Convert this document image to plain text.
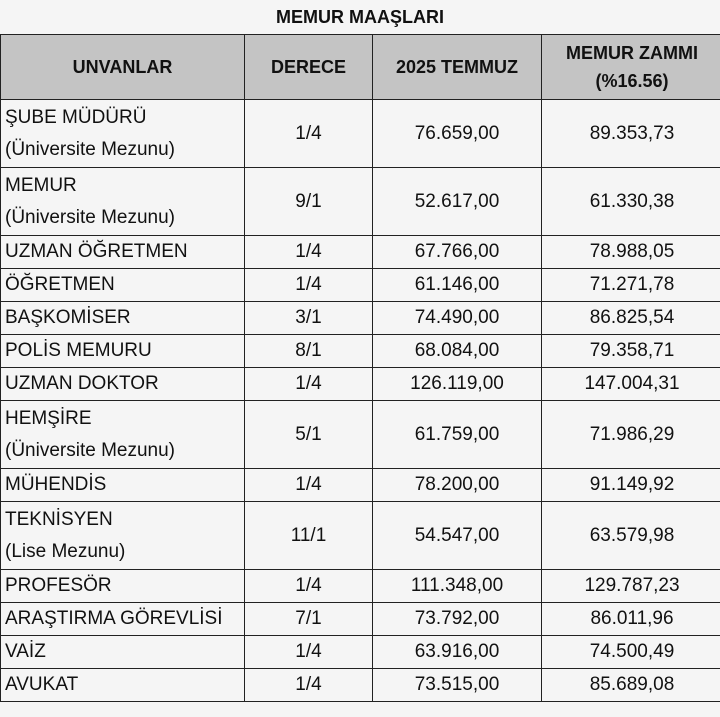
MEMUR MAAŞLARI
UNVANLAR	DERECE	2025 TEMMUZ	MEMUR ZAMMI
(%16.56)

ŞUBE MÜDÜRÜ
(Üniversite Mezunu)	1/4	76.659,00	89.353,73

MEMUR
(Üniversite Mezunu)	9/1	52.617,00	61.330,38

UZMAN ÖĞRETMEN	1/4	67.766,00	78.988,05

ÖĞRETMEN	1/4	61.146,00	71.271,78

BAŞKOMİSER	3/1	74.490,00	86.825,54

POLİS MEMURU	8/1	68.084,00	79.358,71

UZMAN DOKTOR	1/4	126.119,00	147.004,31

HEMŞİRE
(Üniversite Mezunu)	5/1	61.759,00	71.986,29

MÜHENDİS	1/4	78.200,00	91.149,92

TEKNİSYEN
(Lise Mezunu)	11/1	54.547,00	63.579,98

PROFESÖR	1/4	111.348,00	129.787,23

ARAŞTIRMA GÖREVLİSİ	7/1	73.792,00	86.011,96

VAİZ	1/4	63.916,00	74.500,49

AVUKAT	1/4	73.515,00	85.689,08
